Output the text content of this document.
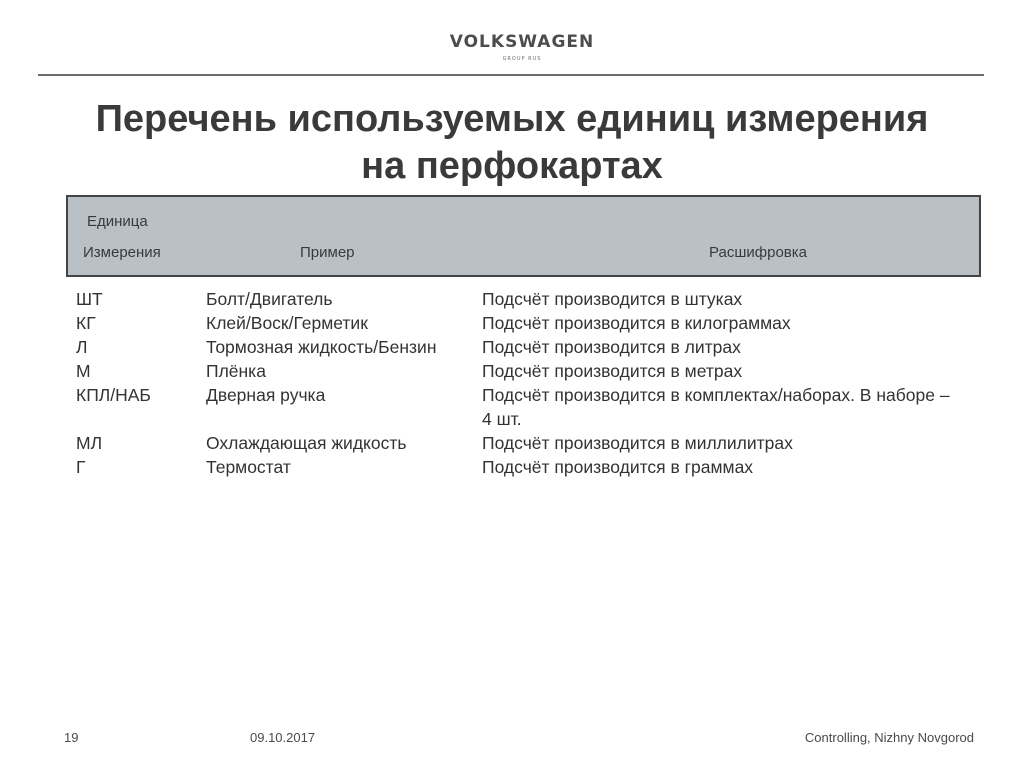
VOLKSWAGEN
GROUP RUS
Перечень используемых единиц измерения
на перфокартах
Единица
Измерения	Пример	Расшифровка
ШТ	Болт/Двигатель	Подсчёт производится в штуках
КГ	Клей/Воск/Герметик	Подсчёт производится в килограммах
Л	Тормозная жидкость/Бензин	Подсчёт производится в литрах
М	Плёнка	Подсчёт производится в метрах
КПЛ/НАБ	Дверная ручка	Подсчёт производится в комплектах/наборах. В наборе – 4 шт.
МЛ	Охлаждающая жидкость	Подсчёт производится в миллилитрах
Г	Термостат	Подсчёт производится в граммах
19	09.10.2017	Controlling, Nizhny Novgorod
